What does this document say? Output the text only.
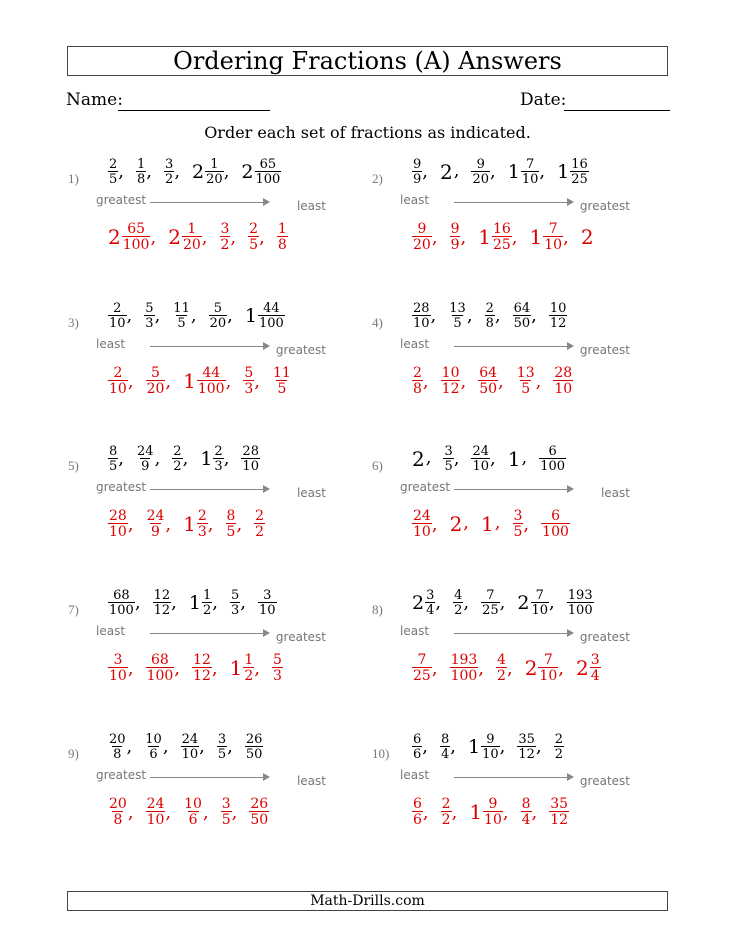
Ordering Fractions (A) Answers
Name:	Date:
Order each set of fractions as indicated.
$1) \frac{2}{5}$ , $\frac{1}{8}$ , $\frac{3}{2}$ , $2 \frac{1}{20}$ , $2 \frac{65}{100}$
greatest	least
$2 \frac{65}{100}$ , $2 \frac{1}{20}$ , $\frac{3}{2}$ , $\frac{2}{5}$ , $\frac{1}{8}$
$2) \frac{9}{9}$ , 2 , $\frac{9}{20}$ , $1 \frac{7}{10}$ , $1 \frac{16}{25}$
least	greatest
$\frac{9}{20}$ , $\frac{9}{9}$ , $1 \frac{16}{25}$ , $1 \frac{7}{10}$ , 2
$3) \frac{2}{10}$ , $\frac{5}{3}$ , $\frac{11}{5}$ , $\frac{5}{20}$ , $1 \frac{44}{100}$
least	greatest
$\frac{2}{10}$ , $\frac{5}{20}$ , $1 \frac{44}{100}$ , $\frac{5}{3}$ , $\frac{11}{5}$
$4) \frac{28}{10}$ , $\frac{13}{5}$ , $\frac{2}{8}$ , $\frac{64}{50}$ , $\frac{10}{12}$
least	greatest
$\frac{2}{8}$ , $\frac{10}{12}$ , $\frac{64}{50}$ , $\frac{13}{5}$ , $\frac{28}{10}$
$5) \frac{8}{5}$ , $\frac{24}{9}$ , $\frac{2}{2}$ , $1 \frac{2}{3}$ , $\frac{28}{10}$
greatest	least
$\frac{28}{10}$ , $\frac{24}{9}$ , $1 \frac{2}{3}$ , $\frac{8}{5}$ , $\frac{2}{2}$
6) 2 , $\frac{3}{5}$ , $\frac{24}{10}$ , 1 , $\frac{6}{100}$
greatest	least
$\frac{24}{10}$ , 2 , 1 , $\frac{3}{5}$ , $\frac{6}{100}$
$7) \frac{68}{100}$ , $\frac{12}{12}$ , $1 \frac{1}{2}$ , $\frac{5}{3}$ , $\frac{3}{10}$
least	greatest
$\frac{3}{10}$ , $\frac{68}{100}$ , $\frac{12}{12}$ , $1 \frac{1}{2}$ , $\frac{5}{3}$
8) $2 \frac{3}{4}$ , $\frac{4}{2}$ , $\frac{7}{25}$ , $2 \frac{7}{10}$ , $\frac{193}{100}$
least	greatest
$\frac{7}{25}$ , $\frac{193}{100}$ , $\frac{4}{2}$ , $2 \frac{7}{10}$ , $2 \frac{3}{4}$
$9) \frac{20}{8}$ , $\frac{10}{6}$ , $\frac{24}{10}$ , $\frac{3}{5}$ , $\frac{26}{50}$
greatest	least
$\frac{20}{8}$ , $\frac{24}{10}$ , $\frac{10}{6}$ , $\frac{3}{5}$ , $\frac{26}{50}$
$10) \frac{6}{6}$ , $\frac{8}{4}$ , $1 \frac{9}{10}$ , $\frac{35}{12}$ , $\frac{2}{2}$
least	greatest
$\frac{6}{6}$ , $\frac{2}{2}$ , $1 \frac{9}{10}$ , $\frac{8}{4}$ , $\frac{35}{12}$
Math-Drills.com
